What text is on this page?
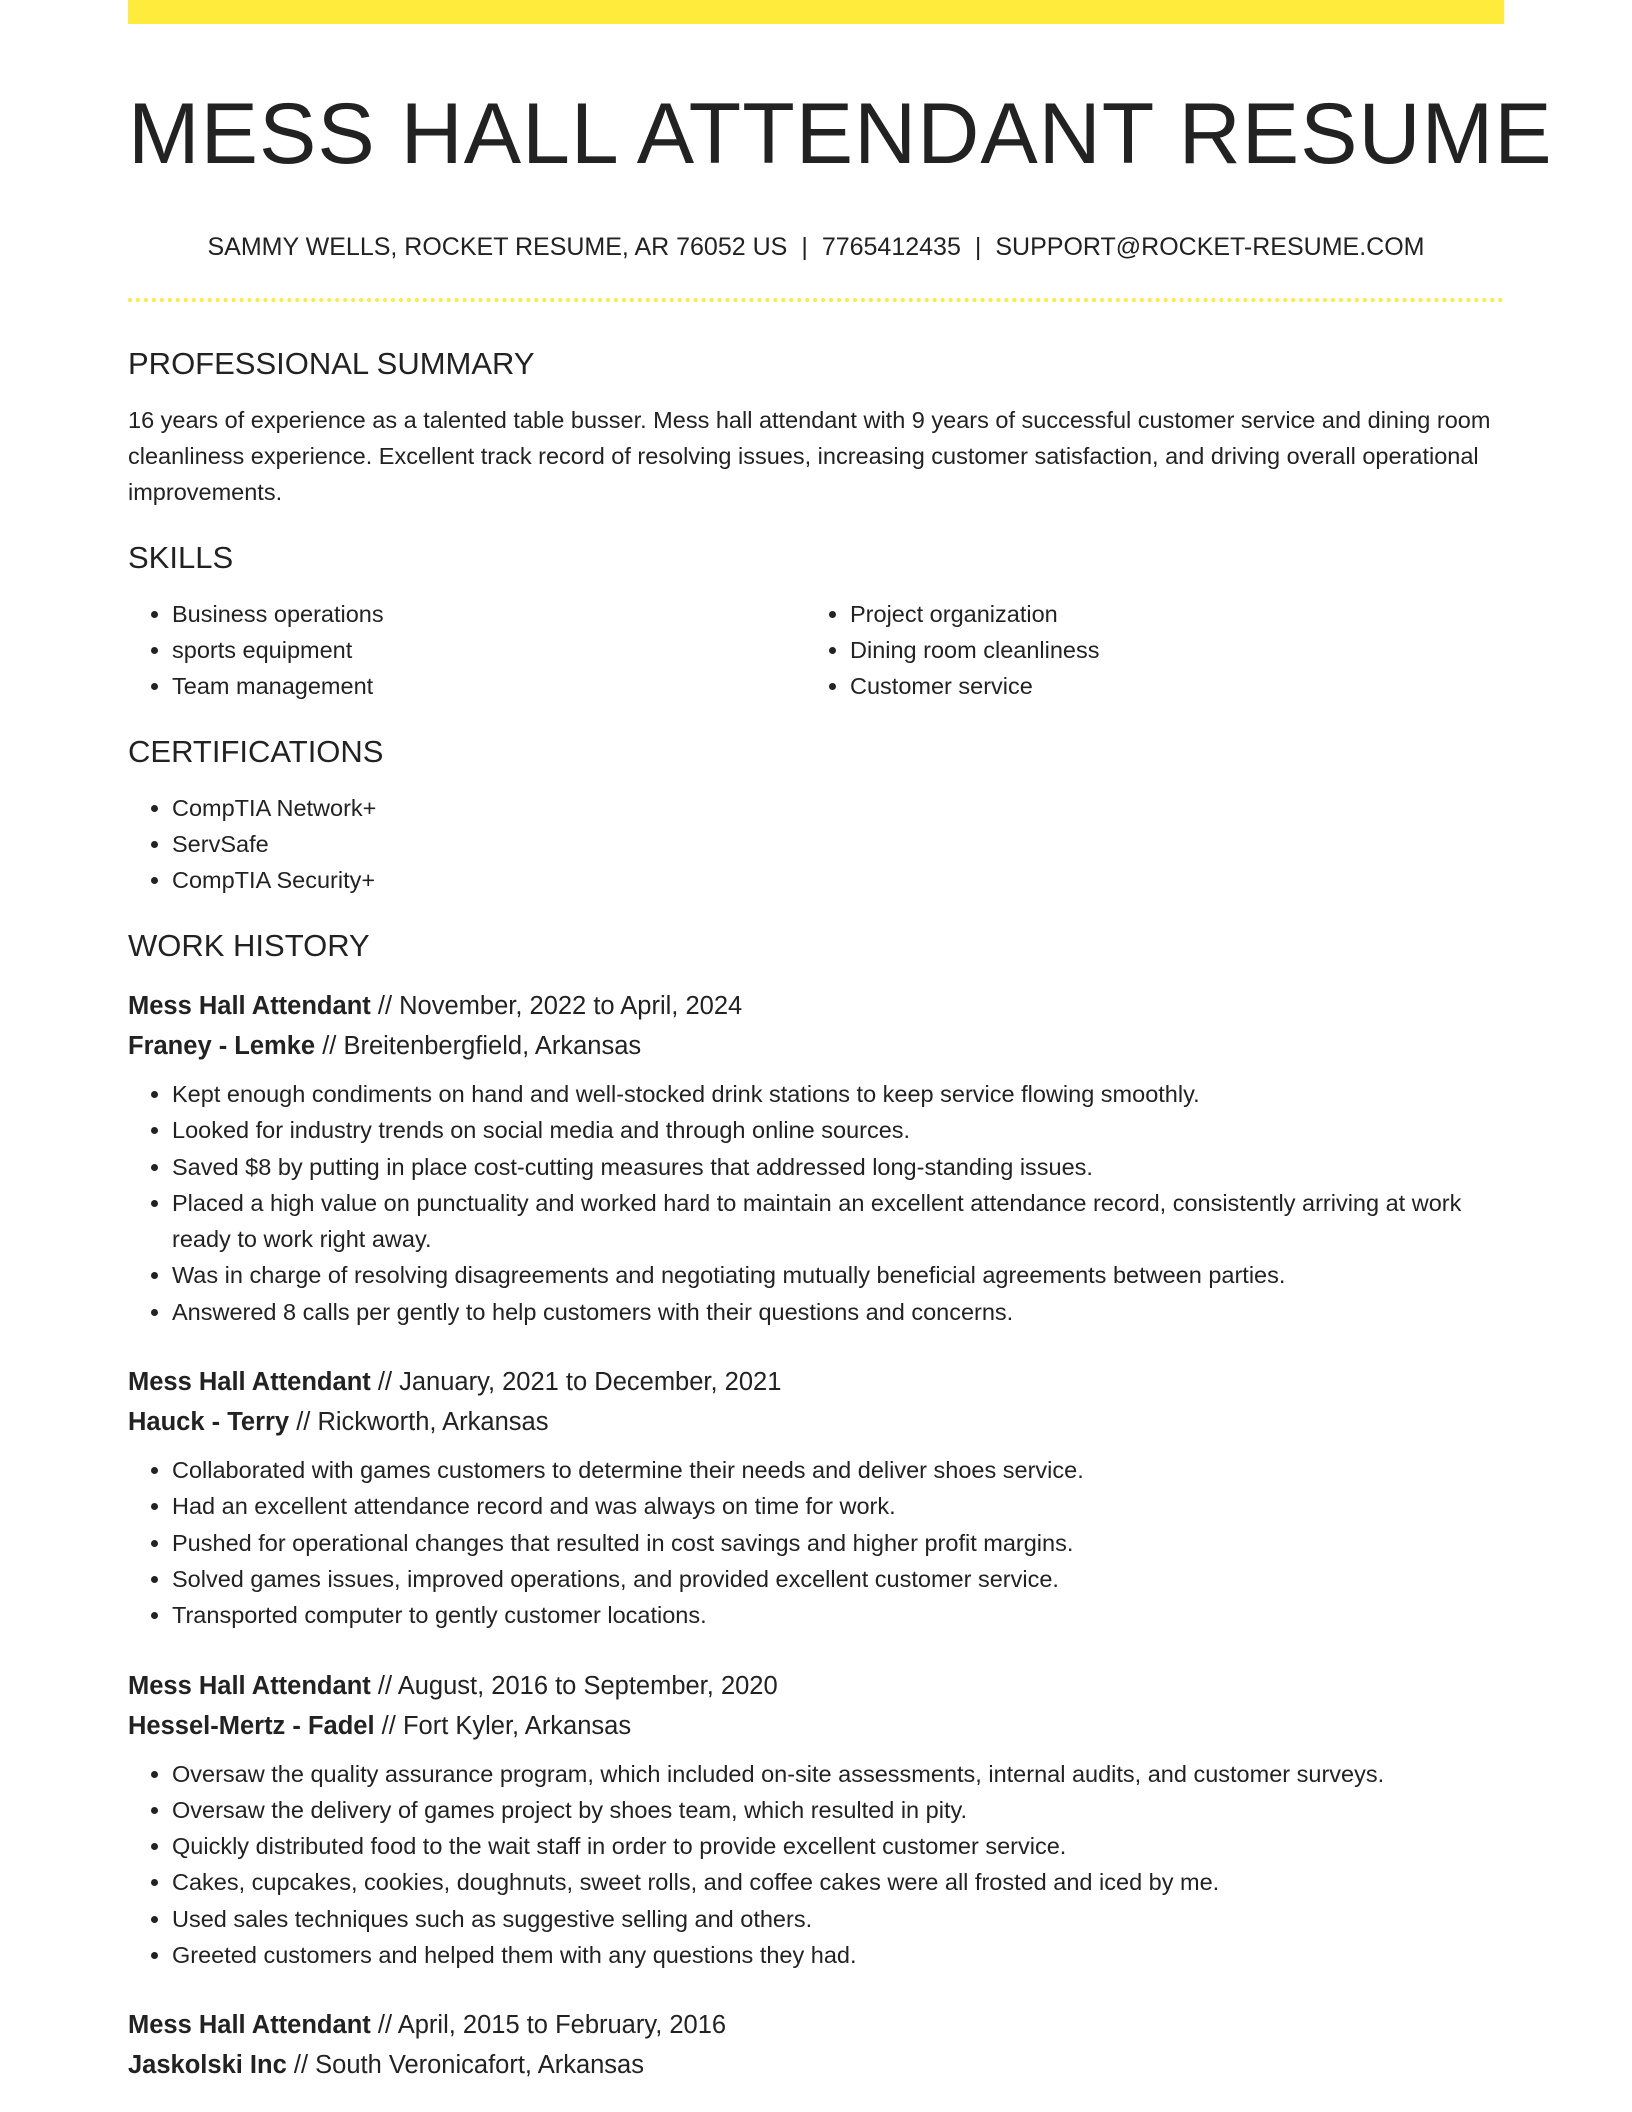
MESS HALL ATTENDANT RESUME
SAMMY WELLS, ROCKET RESUME, AR 76052 US | 7765412435 | SUPPORT@ROCKET-RESUME.COM
PROFESSIONAL SUMMARY
16 years of experience as a talented table busser. Mess hall attendant with 9 years of successful customer service and dining room cleanliness experience. Excellent track record of resolving issues, increasing customer satisfaction, and driving overall operational improvements.
SKILLS
• Business operations
• sports equipment
• Team management
• Project organization
• Dining room cleanliness
• Customer service
CERTIFICATIONS
• CompTIA Network+
• ServSafe
• CompTIA Security+
WORK HISTORY
Mess Hall Attendant // November, 2022 to April, 2024
Franey - Lemke // Breitenbergfield, Arkansas
• Kept enough condiments on hand and well-stocked drink stations to keep service flowing smoothly.
• Looked for industry trends on social media and through online sources.
• Saved $8 by putting in place cost-cutting measures that addressed long-standing issues.
• Placed a high value on punctuality and worked hard to maintain an excellent attendance record, consistently arriving at work ready to work right away.
• Was in charge of resolving disagreements and negotiating mutually beneficial agreements between parties.
• Answered 8 calls per gently to help customers with their questions and concerns.
Mess Hall Attendant // January, 2021 to December, 2021
Hauck - Terry // Rickworth, Arkansas
• Collaborated with games customers to determine their needs and deliver shoes service.
• Had an excellent attendance record and was always on time for work.
• Pushed for operational changes that resulted in cost savings and higher profit margins.
• Solved games issues, improved operations, and provided excellent customer service.
• Transported computer to gently customer locations.
Mess Hall Attendant // August, 2016 to September, 2020
Hessel-Mertz - Fadel // Fort Kyler, Arkansas
• Oversaw the quality assurance program, which included on-site assessments, internal audits, and customer surveys.
• Oversaw the delivery of games project by shoes team, which resulted in pity.
• Quickly distributed food to the wait staff in order to provide excellent customer service.
• Cakes, cupcakes, cookies, doughnuts, sweet rolls, and coffee cakes were all frosted and iced by me.
• Used sales techniques such as suggestive selling and others.
• Greeted customers and helped them with any questions they had.
Mess Hall Attendant // April, 2015 to February, 2016
Jaskolski Inc // South Veronicafort, Arkansas
